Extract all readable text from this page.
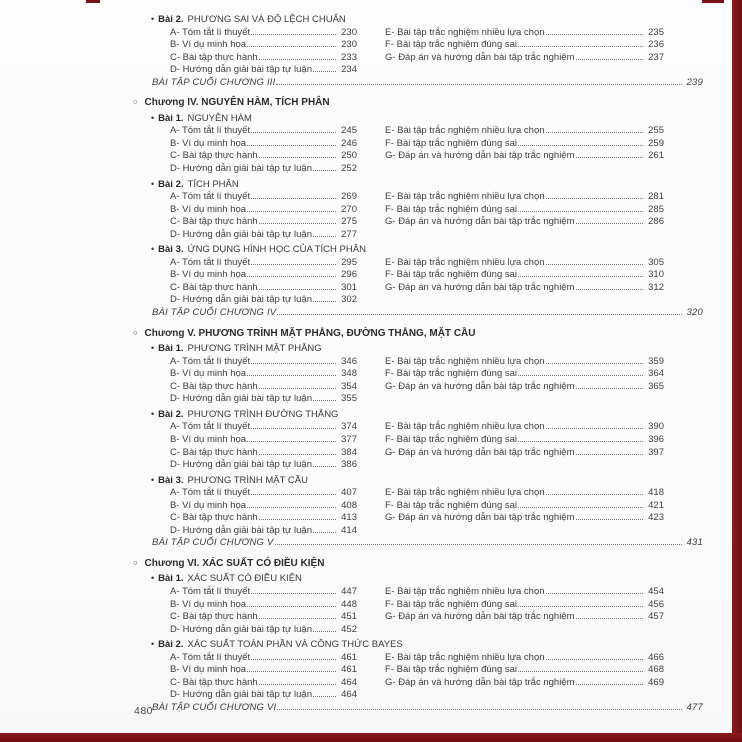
• Bài 2. PHƯƠNG SAI VÀ ĐỘ LỆCH CHUẨN
A- Tóm tắt lí thuyết	230
B- Ví dụ minh họa	230
C- Bài tập thực hành	233
D- Hướng dẫn giải bài tập tự luận	234
E- Bài tập trắc nghiệm nhiều lựa chọn	235
F- Bài tập trắc nghiệm đúng sai	236
G- Đáp án và hướng dẫn bài tập trắc nghiệm	237
BÀI TẬP CUỐI CHƯƠNG III	239
○ Chương IV. NGUYÊN HÀM, TÍCH PHÂN
• Bài 1. NGUYÊN HÀM
A- Tóm tắt lí thuyết	245
B- Ví dụ minh họa	246
C- Bài tập thực hành	250
D- Hướng dẫn giải bài tập tự luận	252
E- Bài tập trắc nghiệm nhiều lựa chọn	255
F- Bài tập trắc nghiệm đúng sai	259
G- Đáp án và hướng dẫn bài tập trắc nghiệm	261
• Bài 2. TÍCH PHÂN
A- Tóm tắt lí thuyết	269
B- Ví dụ minh họa	270
C- Bài tập thực hành	275
D- Hướng dẫn giải bài tập tự luận	277
E- Bài tập trắc nghiệm nhiều lựa chọn	281
F- Bài tập trắc nghiệm đúng sai	285
G- Đáp án và hướng dẫn bài tập trắc nghiệm	286
• Bài 3. ỨNG DỤNG HÌNH HỌC CỦA TÍCH PHÂN
A- Tóm tắt lí thuyết	295
B- Ví dụ minh họa	296
C- Bài tập thực hành	301
D- Hướng dẫn giải bài tập tự luận	302
E- Bài tập trắc nghiệm nhiều lựa chọn	305
F- Bài tập trắc nghiệm đúng sai	310
G- Đáp án và hướng dẫn bài tập trắc nghiệm	312
BÀI TẬP CUỐI CHƯƠNG IV	320
○ Chương V. PHƯƠNG TRÌNH MẶT PHẲNG, ĐƯỜNG THẲNG, MẶT CẦU
• Bài 1. PHƯƠNG TRÌNH MẶT PHẲNG
A- Tóm tắt lí thuyết	346
B- Ví dụ minh họa	348
C- Bài tập thực hành	354
D- Hướng dẫn giải bài tập tự luận	355
E- Bài tập trắc nghiệm nhiều lựa chọn	359
F- Bài tập trắc nghiệm đúng sai	364
G- Đáp án và hướng dẫn bài tập trắc nghiệm	365
• Bài 2. PHƯƠNG TRÌNH ĐƯỜNG THẲNG
A- Tóm tắt lí thuyết	374
B- Ví dụ minh họa	377
C- Bài tập thực hành	384
D- Hướng dẫn giải bài tập tự luận	386
E- Bài tập trắc nghiệm nhiều lựa chọn	390
F- Bài tập trắc nghiệm đúng sai	396
G- Đáp án và hướng dẫn bài tập trắc nghiệm	397
• Bài 3. PHƯƠNG TRÌNH MẶT CẦU
A- Tóm tắt lí thuyết	407
B- Ví dụ minh họa	408
C- Bài tập thực hành	413
D- Hướng dẫn giải bài tập tự luận	414
E- Bài tập trắc nghiệm nhiều lựa chọn	418
F- Bài tập trắc nghiệm đúng sai	421
G- Đáp án và hướng dẫn bài tập trắc nghiệm	423
BÀI TẬP CUỐI CHƯƠNG V	431
○ Chương VI. XÁC SUẤT CÓ ĐIỀU KIỆN
• Bài 1. XÁC SUẤT CÓ ĐIỀU KIỆN
A- Tóm tắt lí thuyết	447
B- Ví dụ minh họa	448
C- Bài tập thực hành	451
D- Hướng dẫn giải bài tập tự luận	452
E- Bài tập trắc nghiệm nhiều lựa chọn	454
F- Bài tập trắc nghiệm đúng sai	456
G- Đáp án và hướng dẫn bài tập trắc nghiệm	457
• Bài 2. XÁC SUẤT TOÀN PHẦN VÀ CÔNG THỨC BAYES
A- Tóm tắt lí thuyết	461
B- Ví dụ minh họa	461
C- Bài tập thực hành	464
D- Hướng dẫn giải bài tập tự luận	464
E- Bài tập trắc nghiệm nhiều lựa chọn	466
F- Bài tập trắc nghiệm đúng sai	468
G- Đáp án và hướng dẫn bài tập trắc nghiệm	469
BÀI TẬP CUỐI CHƯƠNG VI	477
480
